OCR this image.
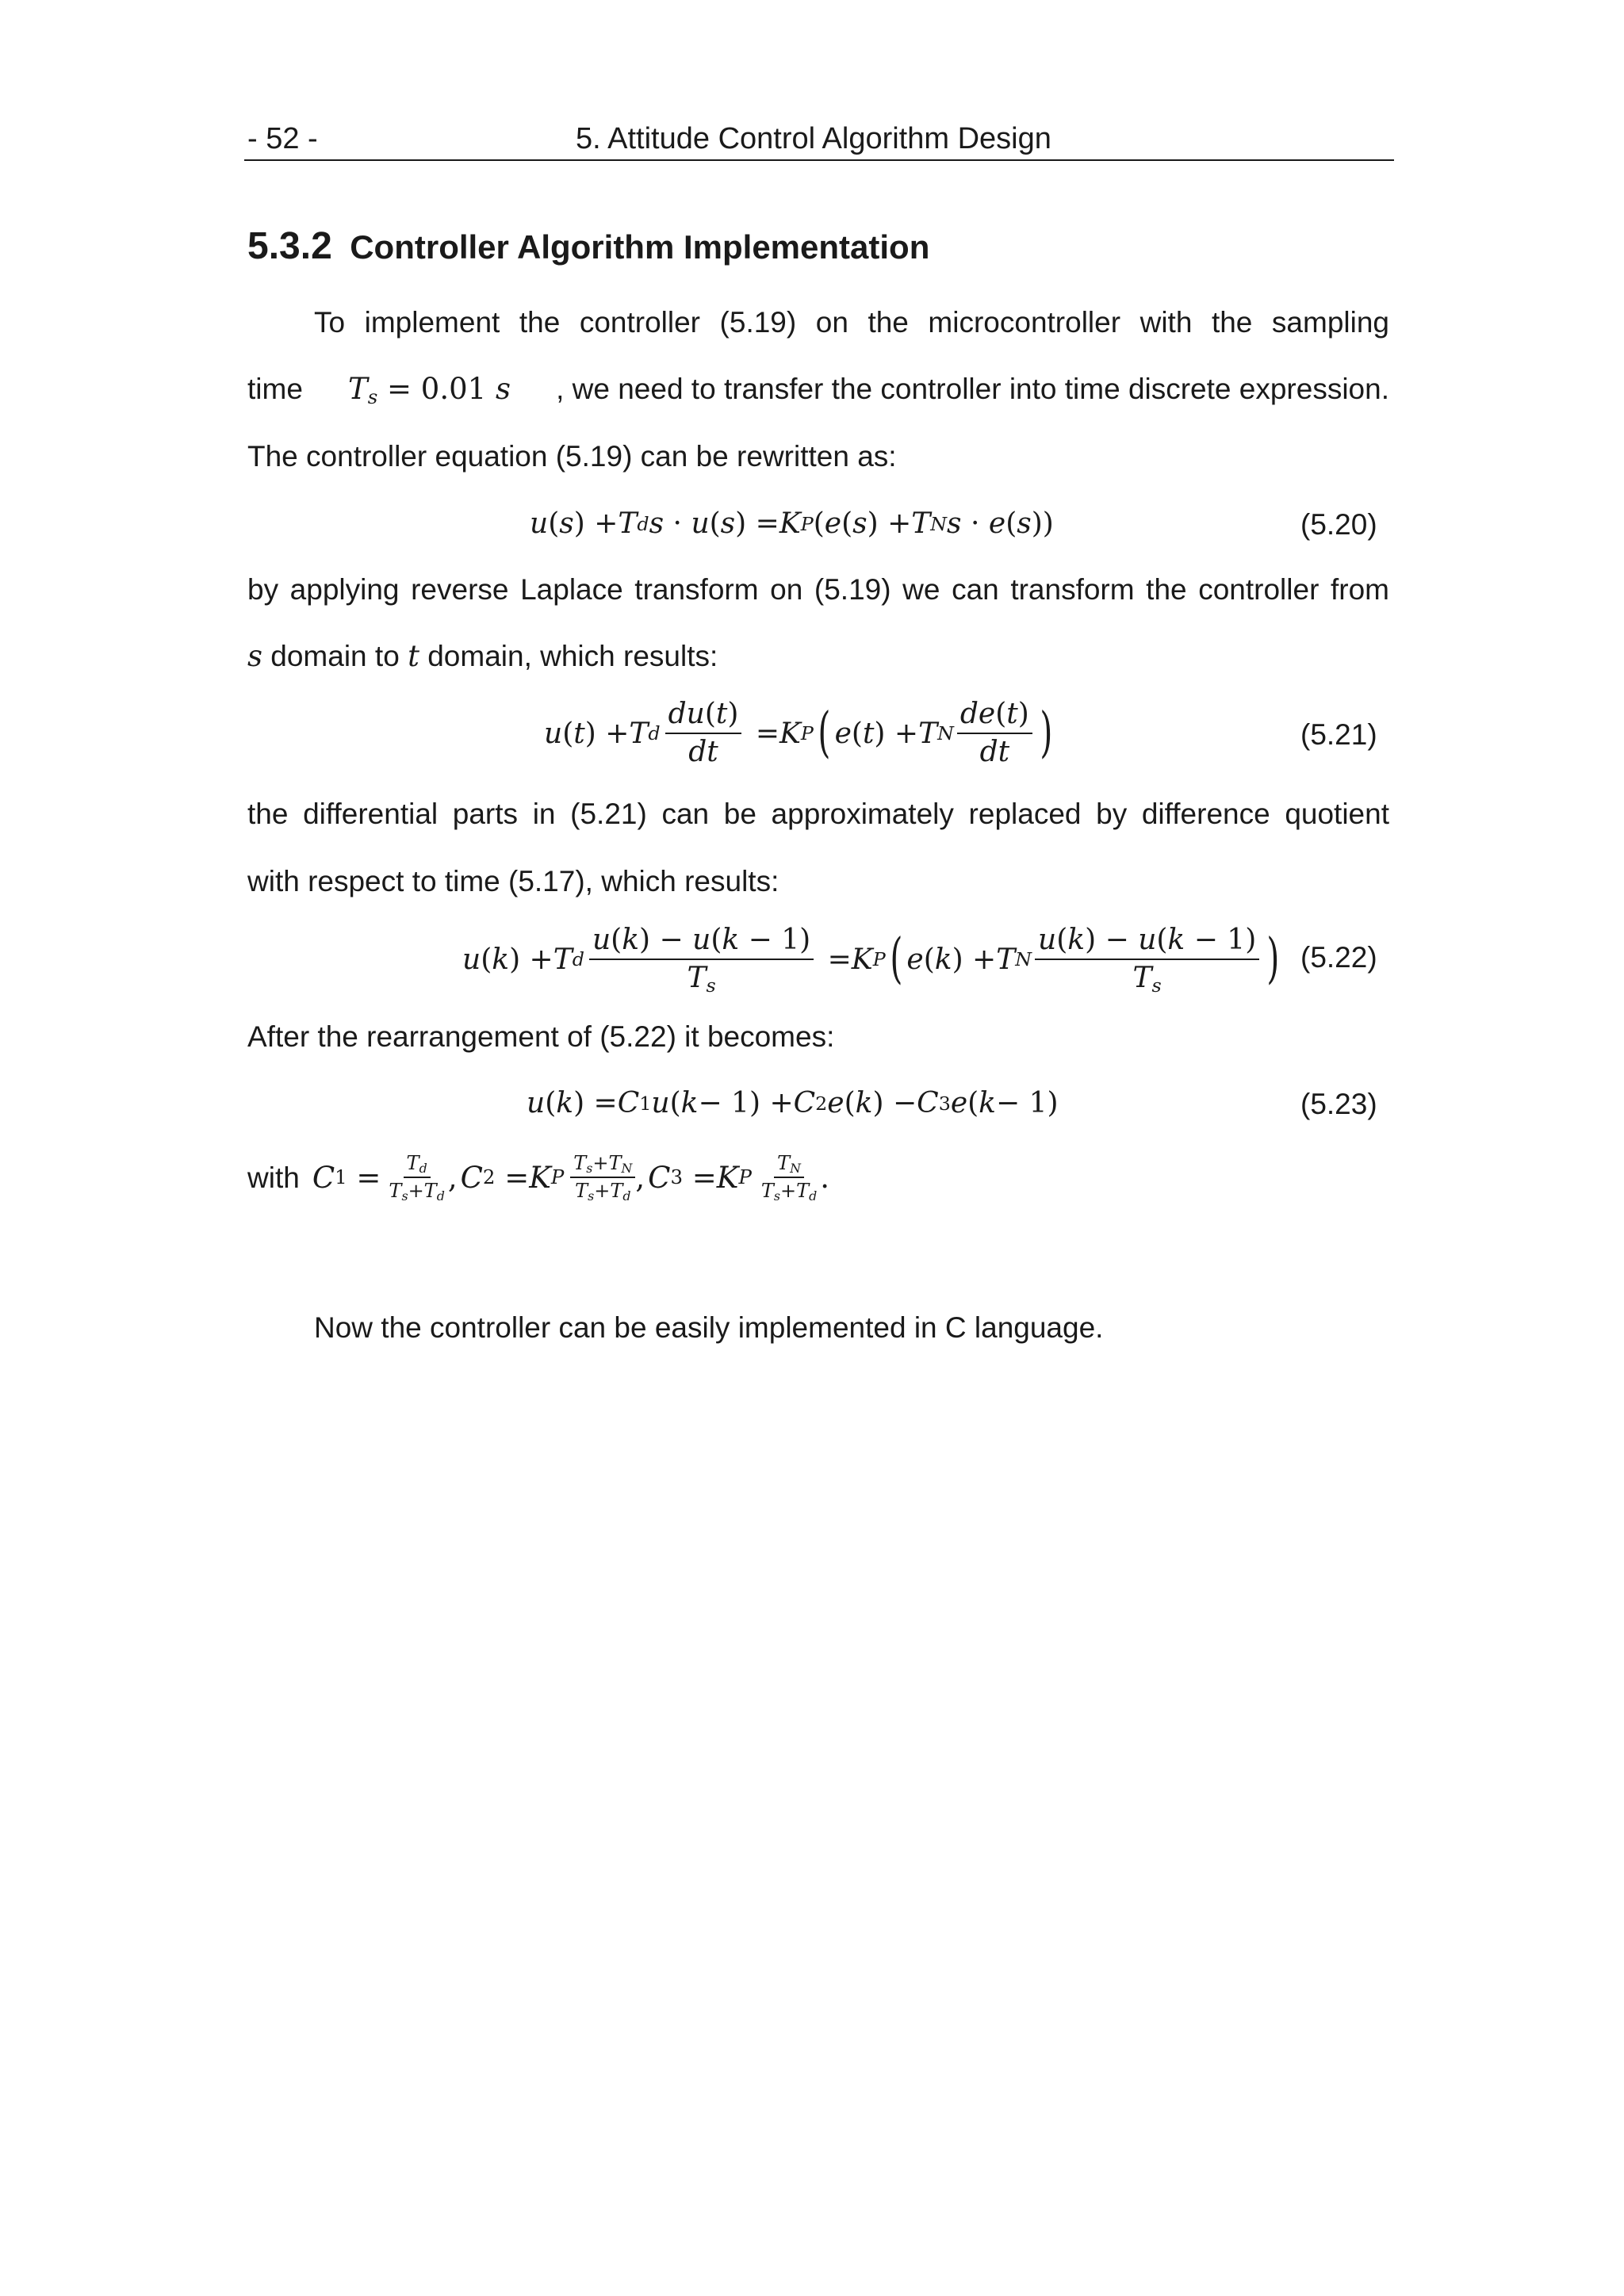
- 52 -	5. Attitude Control Algorithm Design
5.3.2 Controller Algorithm Implementation
To implement the controller (5.19) on the microcontroller with the sampling
time $T_s = 0.01$ s , we need to transfer the controller into time discrete expression.
The controller equation (5.19) can be rewritten as:
u ( s ) + T d s · u ( s ) = K P ( e ( s ) + T N s · e ( s ))	(5.20)
by applying reverse Laplace transform on (5.19) we can transform the controller from
s domain to t domain, which results:
u ( t ) + T d $\frac{du(t)}{dt} = K$ P ( e ( t ) + T N $\frac{de(t)}{dt}$ )	(5.21)
the differential parts in (5.21) can be approximately replaced by difference quotient
with respect to time (5.17), which results:
u ( k ) + T d $\frac{u(k) - u(k - 1)}{T_s} = K$ P ( e ( k ) + T N $\frac{u(k) - u(k - 1)}{T_s}$ ) (5.22)
After the rearrangement of (5.22) it becomes:
u ( k ) = C 1 u ( k − 1) + C 2 e ( k ) − C 3 e ( k − 1)	(5.23)
with C $1 = \frac{T_d}{T_s+T_d}$ , C 2 = K P $\frac{T_s+T_N}{T_s+T_d}$ , C 3 = K P $\frac{T_N}{T_s+T_d}$ .
Now the controller can be easily implemented in C language.
